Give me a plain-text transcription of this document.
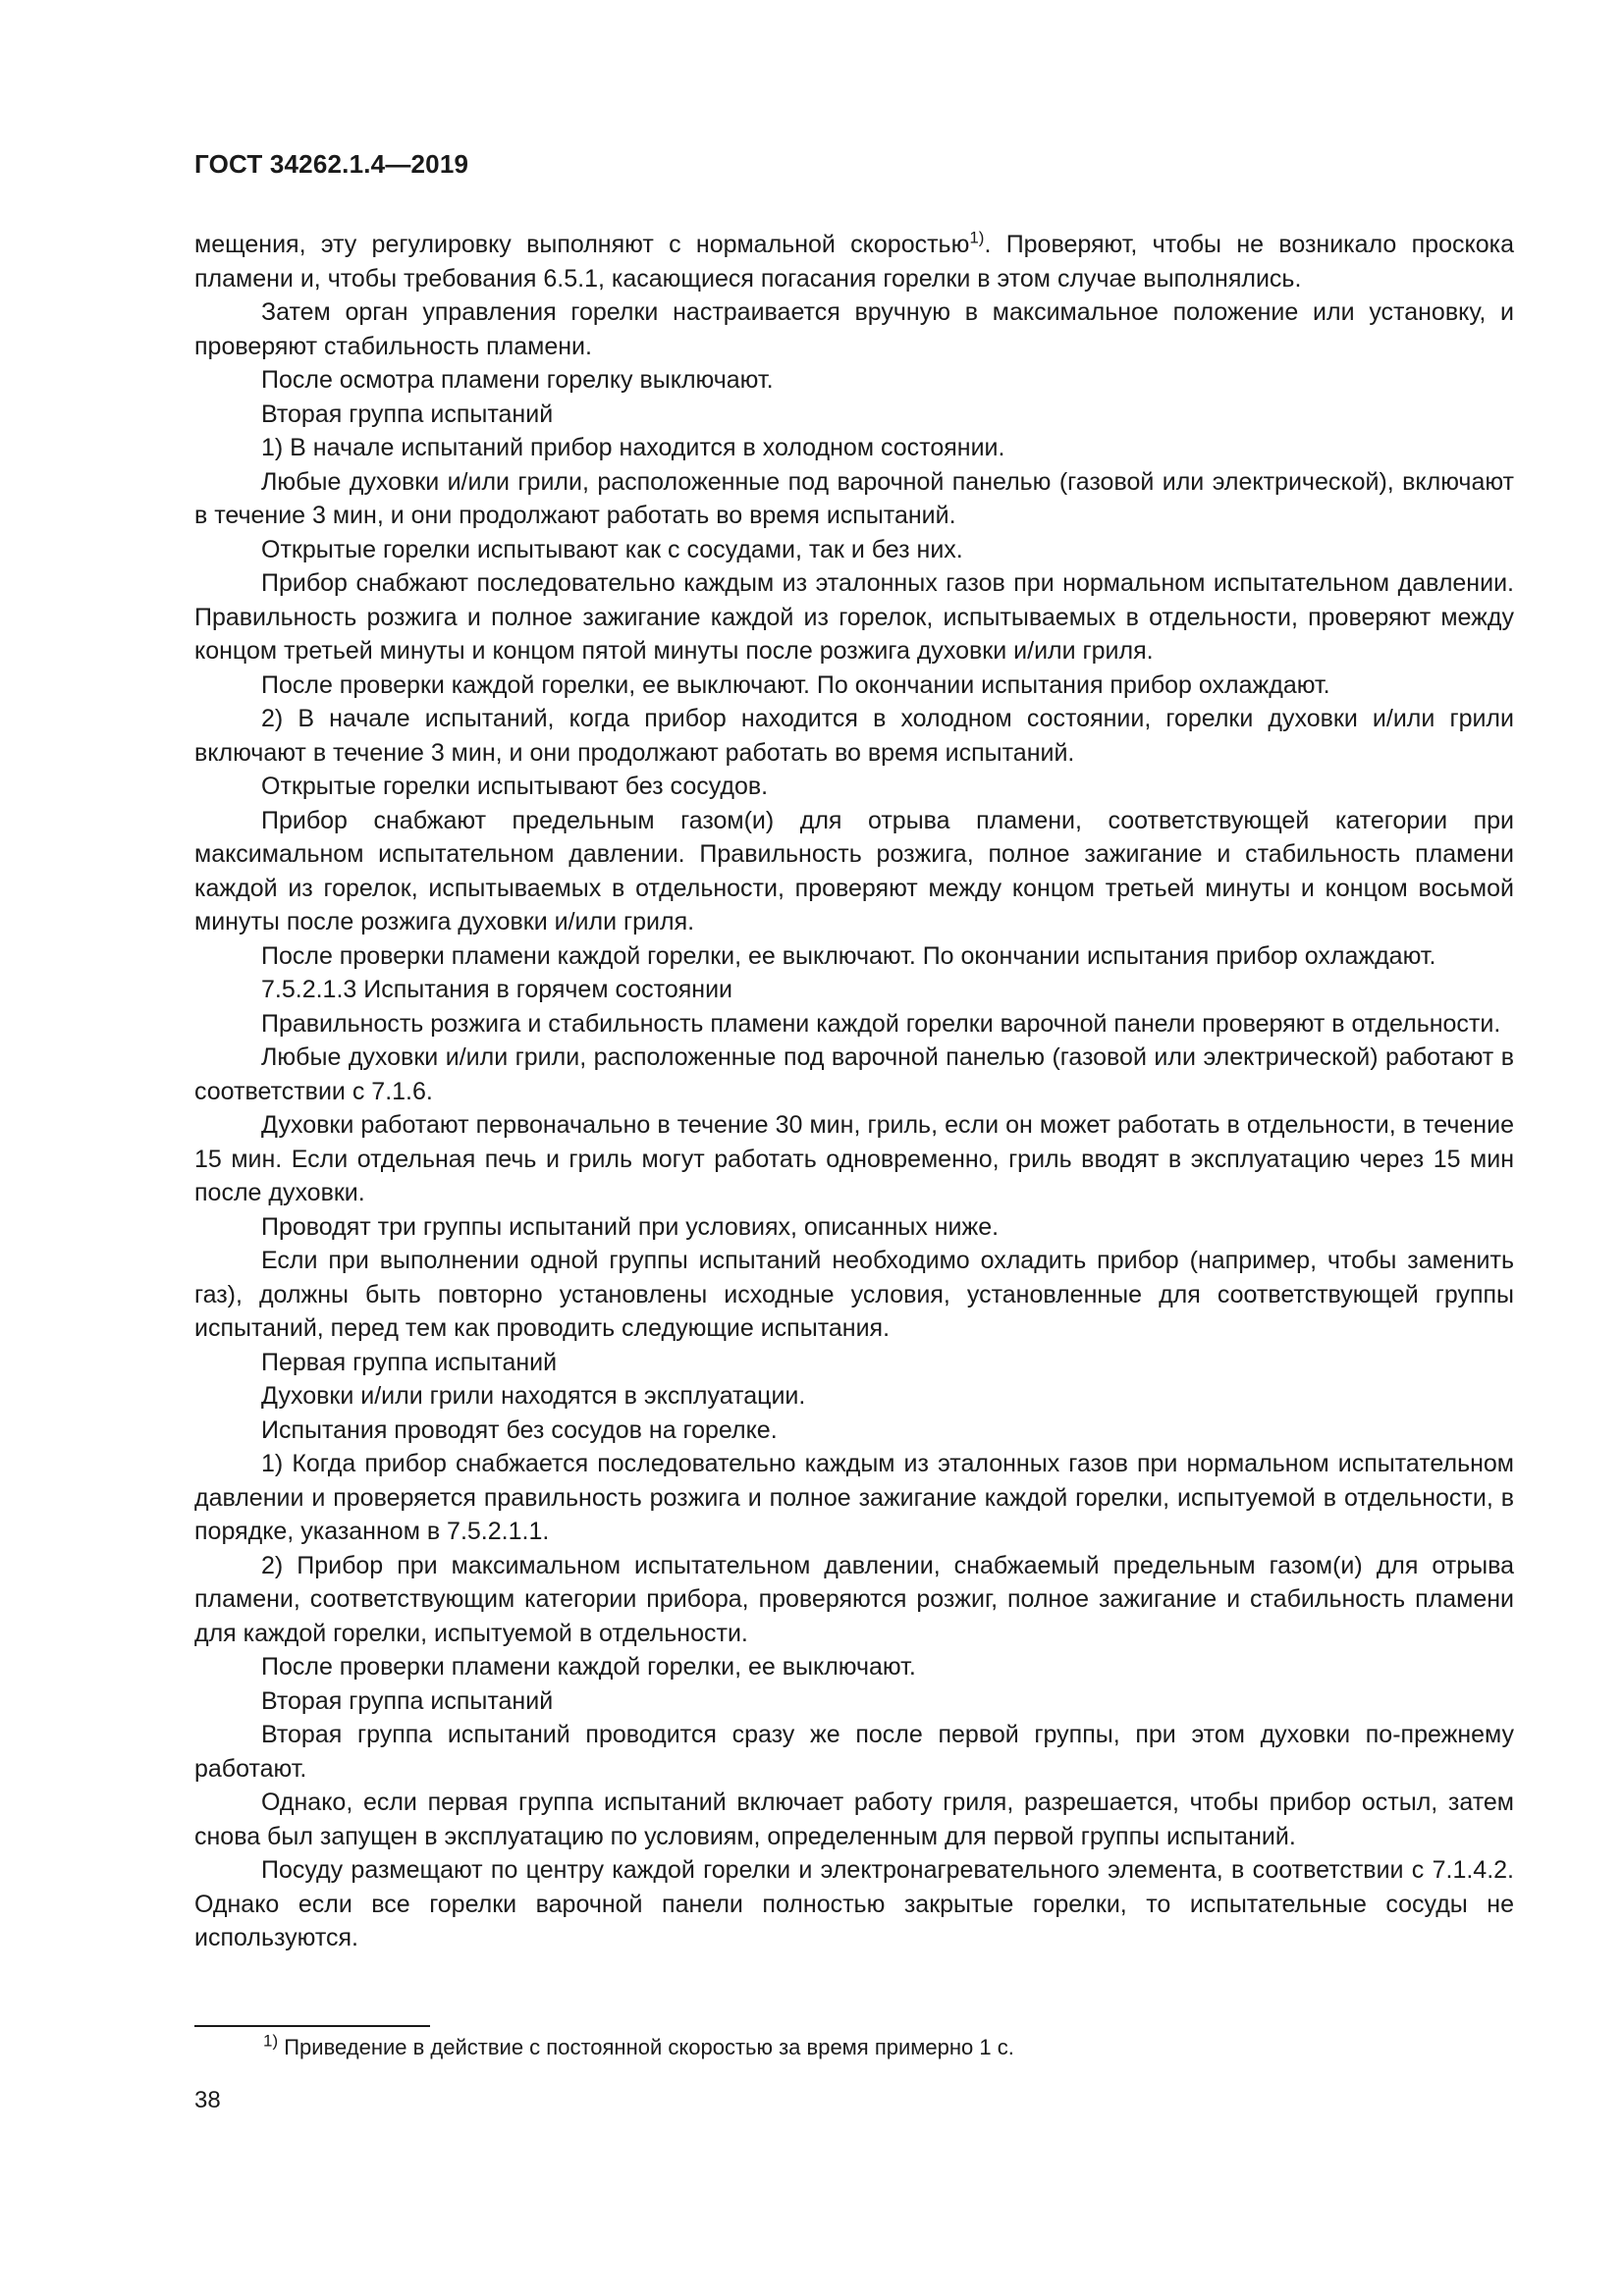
ГОСТ 34262.1.4—2019

мещения, эту регулировку выполняют с нормальной скоростью$^{1)}$. Проверяют, чтобы не возникало проскока пламени и, чтобы требования 6.5.1, касающиеся погасания горелки в этом случае выполнялись.

Затем орган управления горелки настраивается вручную в максимальное положение или установку, и проверяют стабильность пламени.

После осмотра пламени горелку выключают.

Вторая группа испытаний

1) В начале испытаний прибор находится в холодном состоянии.

Любые духовки и/или грили, расположенные под варочной панелью (газовой или электрической), включают в течение 3 мин, и они продолжают работать во время испытаний.

Открытые горелки испытывают как с сосудами, так и без них.

Прибор снабжают последовательно каждым из эталонных газов при нормальном испытательном давлении. Правильность розжига и полное зажигание каждой из горелок, испытываемых в отдельности, проверяют между концом третьей минуты и концом пятой минуты после розжига духовки и/или гриля.

После проверки каждой горелки, ее выключают. По окончании испытания прибор охлаждают.

2) В начале испытаний, когда прибор находится в холодном состоянии, горелки духовки и/или грили включают в течение 3 мин, и они продолжают работать во время испытаний.

Открытые горелки испытывают без сосудов.

Прибор снабжают предельным газом(и) для отрыва пламени, соответствующей категории при максимальном испытательном давлении. Правильность розжига, полное зажигание и стабильность пламени каждой из горелок, испытываемых в отдельности, проверяют между концом третьей минуты и концом восьмой минуты после розжига духовки и/или гриля.

После проверки пламени каждой горелки, ее выключают. По окончании испытания прибор охлаждают.

7.5.2.1.3 Испытания в горячем состоянии

Правильность розжига и стабильность пламени каждой горелки варочной панели проверяют в отдельности.

Любые духовки и/или грили, расположенные под варочной панелью (газовой или электрической) работают в соответствии с 7.1.6.

Духовки работают первоначально в течение 30 мин, гриль, если он может работать в отдельности, в течение 15 мин. Если отдельная печь и гриль могут работать одновременно, гриль вводят в эксплуатацию через 15 мин после духовки.

Проводят три группы испытаний при условиях, описанных ниже.

Если при выполнении одной группы испытаний необходимо охладить прибор (например, чтобы заменить газ), должны быть повторно установлены исходные условия, установленные для соответствующей группы испытаний, перед тем как проводить следующие испытания.

Первая группа испытаний

Духовки и/или грили находятся в эксплуатации.

Испытания проводят без сосудов на горелке.

1) Когда прибор снабжается последовательно каждым из эталонных газов при нормальном испытательном давлении и проверяется правильность розжига и полное зажигание каждой горелки, испытуемой в отдельности, в порядке, указанном в 7.5.2.1.1.

2) Прибор при максимальном испытательном давлении, снабжаемый предельным газом(и) для отрыва пламени, соответствующим категории прибора, проверяются розжиг, полное зажигание и стабильность пламени для каждой горелки, испытуемой в отдельности.

После проверки пламени каждой горелки, ее выключают.

Вторая группа испытаний

Вторая группа испытаний проводится сразу же после первой группы, при этом духовки по-прежнему работают.

Однако, если первая группа испытаний включает работу гриля, разрешается, чтобы прибор остыл, затем снова был запущен в эксплуатацию по условиям, определенным для первой группы испытаний.

Посуду размещают по центру каждой горелки и электронагревательного элемента, в соответствии с 7.1.4.2. Однако если все горелки варочной панели полностью закрытые горелки, то испытательные сосуды не используются.

$^{1)}$ Приведение в действие с постоянной скоростью за время примерно 1 с.
38
